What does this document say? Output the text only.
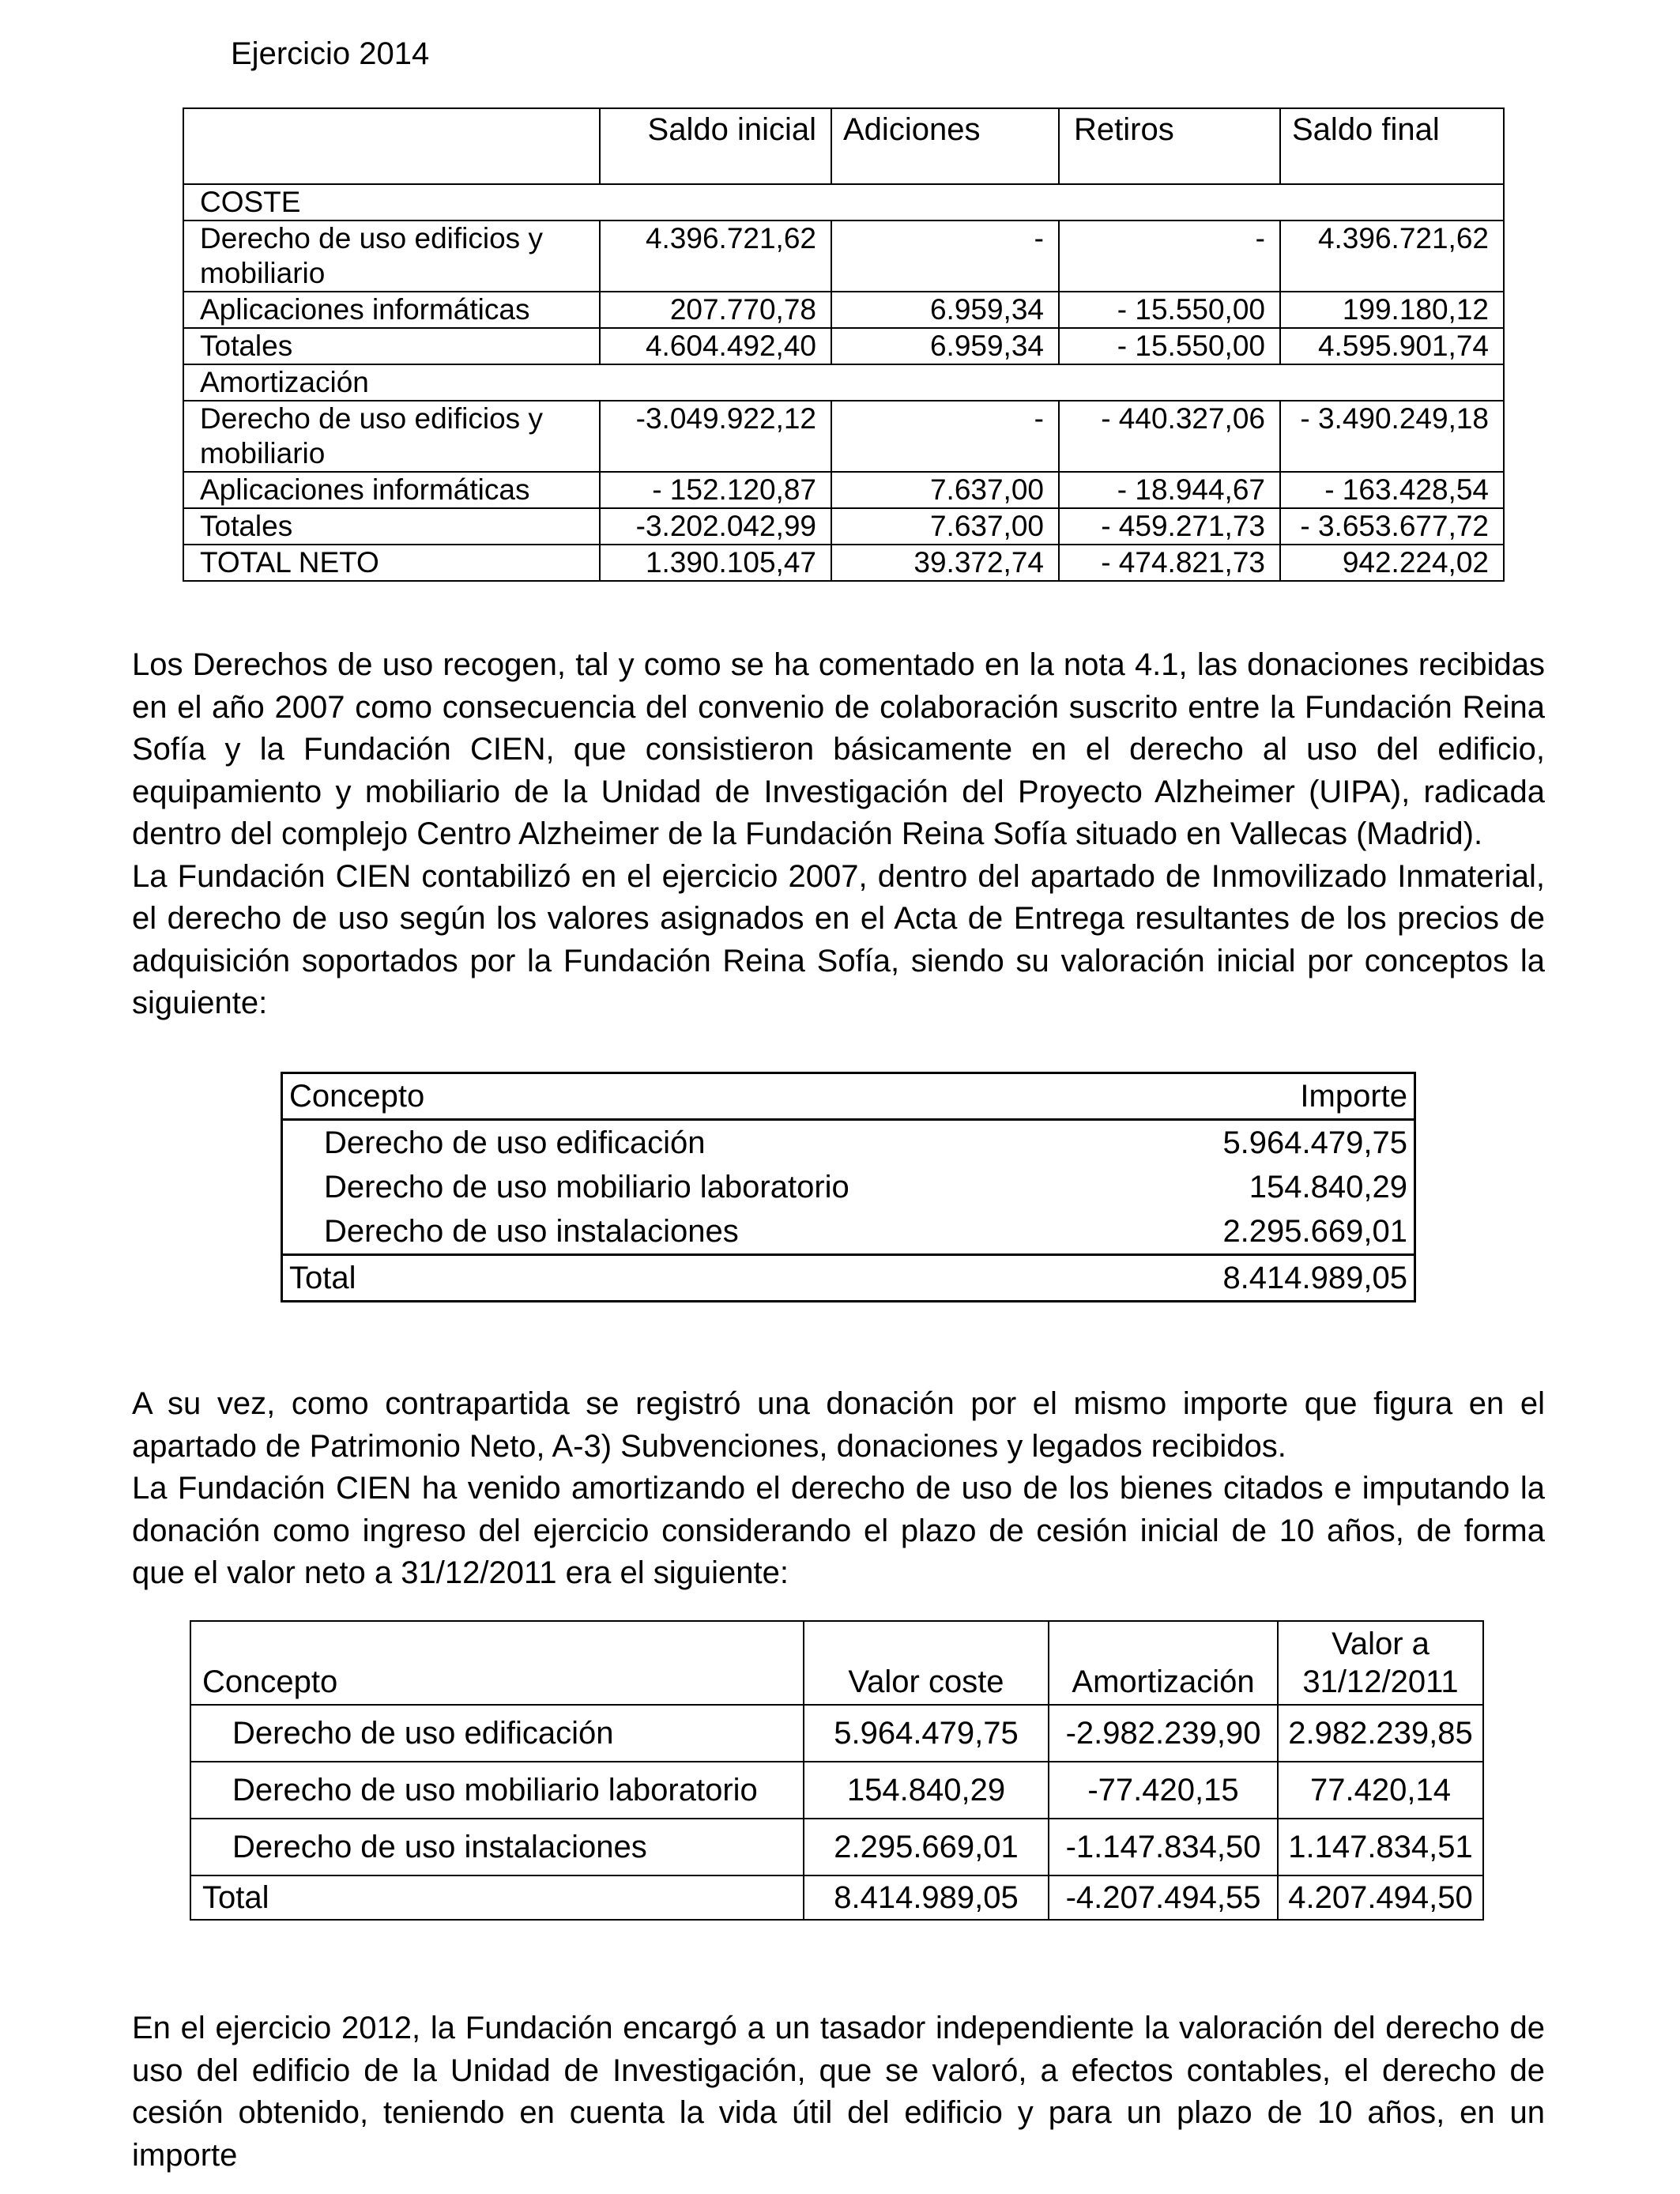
Ejercicio 2014
	Saldo inicial	Adiciones	Retiros	Saldo final
COSTE				
Derecho de uso edificios y mobiliario	4.396.721,62	-	-	4.396.721,62
Aplicaciones informáticas	207.770,78	6.959,34	- 15.550,00	199.180,12
Totales	4.604.492,40	6.959,34	- 15.550,00	4.595.901,74
Amortización				
Derecho de uso edificios y mobiliario	-3.049.922,12	-	- 440.327,06	- 3.490.249,18
Aplicaciones informáticas	- 152.120,87	7.637,00	- 18.944,67	- 163.428,54
Totales	-3.202.042,99	7.637,00	- 459.271,73	- 3.653.677,72
TOTAL NETO	1.390.105,47	39.372,74	- 474.821,73	942.224,02

Los Derechos de uso recogen, tal y como se ha comentado en la nota 4.1, las donaciones recibidas en el año 2007 como consecuencia del convenio de colaboración suscrito entre la Fundación Reina Sofía y la Fundación CIEN, que consistieron básicamente en el derecho al uso del edificio, equipamiento y mobiliario de la Unidad de Investigación del Proyecto Alzheimer (UIPA), radicada dentro del complejo Centro Alzheimer de la Fundación Reina Sofía situado en Vallecas (Madrid).

La Fundación CIEN contabilizó en el ejercicio 2007, dentro del apartado de Inmovilizado Inmaterial, el derecho de uso según los valores asignados en el Acta de Entrega resultantes de los precios de adquisición soportados por la Fundación Reina Sofía, siendo su valoración inicial por conceptos la siguiente:

Concepto	Importe
Derecho de uso edificación	5.964.479,75
Derecho de uso mobiliario laboratorio	154.840,29
Derecho de uso instalaciones	2.295.669,01
Total	8.414.989,05

A su vez, como contrapartida se registró una donación por el mismo importe que figura en el apartado de Patrimonio Neto, A-3) Subvenciones, donaciones y legados recibidos.

La Fundación CIEN ha venido amortizando el derecho de uso de los bienes citados e imputando la donación como ingreso del ejercicio considerando el plazo de cesión inicial de 10 años, de forma que el valor neto a 31/12/2011 era el siguiente:

Concepto	Valor coste	Amortización	Valor a
31/12/2011

Derecho de uso edificación	5.964.479,75	-2.982.239,90	2.982.239,85
Derecho de uso mobiliario laboratorio	154.840,29	-77.420,15	77.420,14
Derecho de uso instalaciones	2.295.669,01	-1.147.834,50	1.147.834,51
Total	8.414.989,05	-4.207.494,55	4.207.494,50

En el ejercicio 2012, la Fundación encargó a un tasador independiente la valoración del derecho de uso del edificio de la Unidad de Investigación, que se valoró, a efectos contables, el derecho de cesión obtenido, teniendo en cuenta la vida útil del edificio y para un plazo de 10 años, en un importe
